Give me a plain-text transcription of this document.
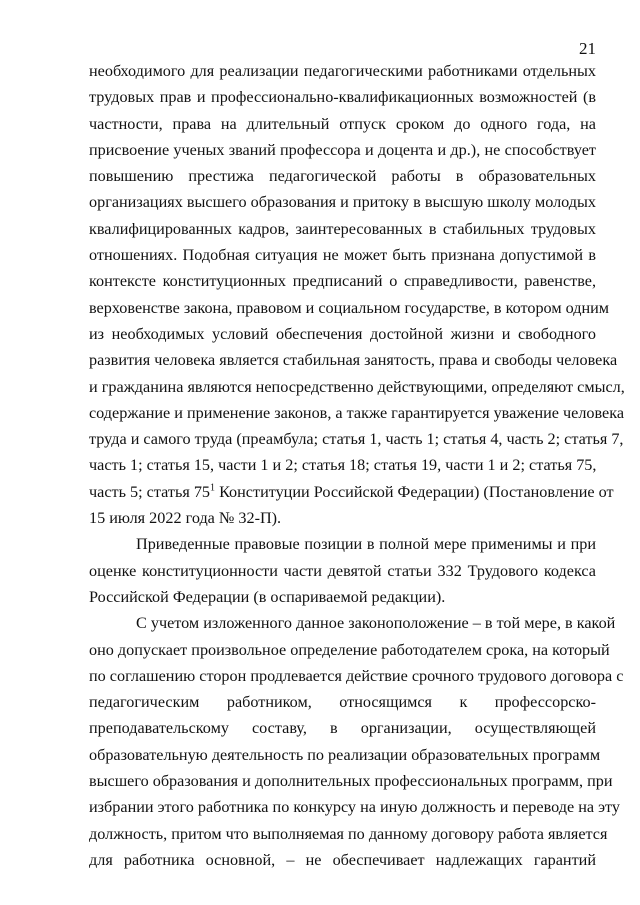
21

необходимого для реализации педагогическими работниками отдельных
трудовых прав и профессионально-квалификационных возможностей (в
частности, права на длительный отпуск сроком до одного года, на
присвоение ученых званий профессора и доцента и др.), не способствует
повышению престижа педагогической работы в образовательных
организациях высшего образования и притоку в высшую школу молодых
квалифицированных кадров, заинтересованных в стабильных трудовых
отношениях. Подобная ситуация не может быть признана допустимой в
контексте конституционных предписаний о справедливости, равенстве,
верховенстве закона, правовом и социальном государстве, в котором одним
из необходимых условий обеспечения достойной жизни и свободного
развития человека является стабильная занятость, права и свободы человека
и гражданина являются непосредственно действующими, определяют смысл,
содержание и применение законов, а также гарантируется уважение человека
труда и самого труда (преамбула; статья 1, часть 1; статья 4, часть 2; статья 7,
часть 1; статья 15, части 1 и 2; статья 18; статья 19, части 1 и 2; статья 75,
часть 5; статья $75^1$ Конституции Российской Федерации) (Постановление от
15 июля 2022 года № 32-П).

Приведенные правовые позиции в полной мере применимы и при
оценке конституционности части девятой статьи 332 Трудового кодекса
Российской Федерации (в оспариваемой редакции).

С учетом изложенного данное законоположение – в той мере, в какой
оно допускает произвольное определение работодателем срока, на который
по соглашению сторон продлевается действие срочного трудового договора с
педагогическим работником, относящимся к профессорско-
преподавательскому составу, в организации, осуществляющей
образовательную деятельность по реализации образовательных программ
высшего образования и дополнительных профессиональных программ, при
избрании этого работника по конкурсу на иную должность и переводе на эту
должность, притом что выполняемая по данному договору работа является
для работника основной, – не обеспечивает надлежащих гарантий
